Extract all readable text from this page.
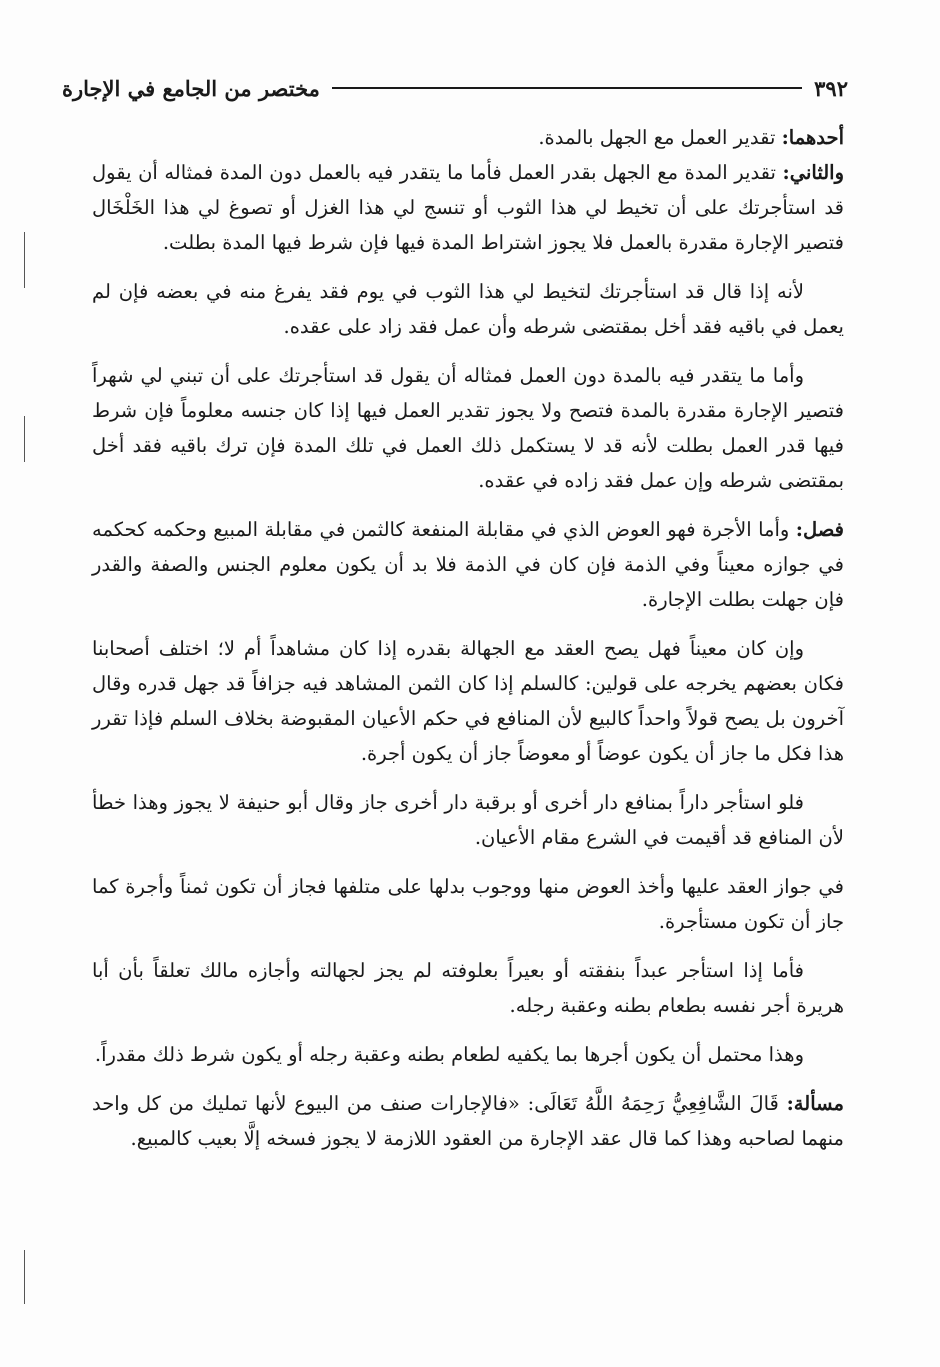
٣٩٢
مختصر من الجامع في الإجارة

أحدهما: تقدير العمل مع الجهل بالمدة.

والثاني: تقدير المدة مع الجهل بقدر العمل فأما ما يتقدر فيه بالعمل دون المدة فمثاله أن يقول قد استأجرتك على أن تخيط لي هذا الثوب أو تنسج لي هذا الغزل أو تصوغ لي هذا الخَلْخَال فتصير الإجارة مقدرة بالعمل فلا يجوز اشتراط المدة فيها فإن شرط فيها المدة بطلت.

لأنه إذا قال قد استأجرتك لتخيط لي هذا الثوب في يوم فقد يفرغ منه في بعضه فإن لم يعمل في باقيه فقد أخل بمقتضى شرطه وأن عمل فقد زاد على عقده.

وأما ما يتقدر فيه بالمدة دون العمل فمثاله أن يقول قد استأجرتك على أن تبني لي شهراً فتصير الإجارة مقدرة بالمدة فتصح ولا يجوز تقدير العمل فيها إذا كان جنسه معلوماً فإن شرط فيها قدر العمل بطلت لأنه قد لا يستكمل ذلك العمل في تلك المدة فإن ترك باقيه فقد أخل بمقتضى شرطه وإن عمل فقد زاده في عقده.

فصل: وأما الأجرة فهو العوض الذي في مقابلة المنفعة كالثمن في مقابلة المبيع وحكمه كحكمه في جوازه معيناً وفي الذمة فإن كان في الذمة فلا بد أن يكون معلوم الجنس والصفة والقدر فإن جهلت بطلت الإجارة.

وإن كان معيناً فهل يصح العقد مع الجهالة بقدره إذا كان مشاهداً أم لا؛ اختلف أصحابنا فكان بعضهم يخرجه على قولين: كالسلم إذا كان الثمن المشاهد فيه جزافاً قد جهل قدره وقال آخرون بل يصح قولاً واحداً كالبيع لأن المنافع في حكم الأعيان المقبوضة بخلاف السلم فإذا تقرر هذا فكل ما جاز أن يكون عوضاً أو معوضاً جاز أن يكون أجرة.

فلو استأجر داراً بمنافع دار أخرى أو برقبة دار أخرى جاز وقال أبو حنيفة لا يجوز وهذا خطأ لأن المنافع قد أقيمت في الشرع مقام الأعيان.

في جواز العقد عليها وأخذ العوض منها ووجوب بدلها على متلفها فجاز أن تكون ثمناً وأجرة كما جاز أن تكون مستأجرة.

فأما إذا استأجر عبداً بنفقته أو بعيراً بعلوفته لم يجز لجهالته وأجازه مالك تعلقاً بأن أبا هريرة أجر نفسه بطعام بطنه وعقبة رجله.

وهذا محتمل أن يكون أجرها بما يكفيه لطعام بطنه وعقبة رجله أو يكون شرط ذلك مقدراً.

مسألة: قَالَ الشَّافِعِيُّ رَحِمَهُ اللَّهُ تَعَالَى: «فالإجارات صنف من البيوع لأنها تمليك من كل واحد منهما لصاحبه وهذا كما قال عقد الإجارة من العقود اللازمة لا يجوز فسخه إلَّا بعيب كالمبيع.
